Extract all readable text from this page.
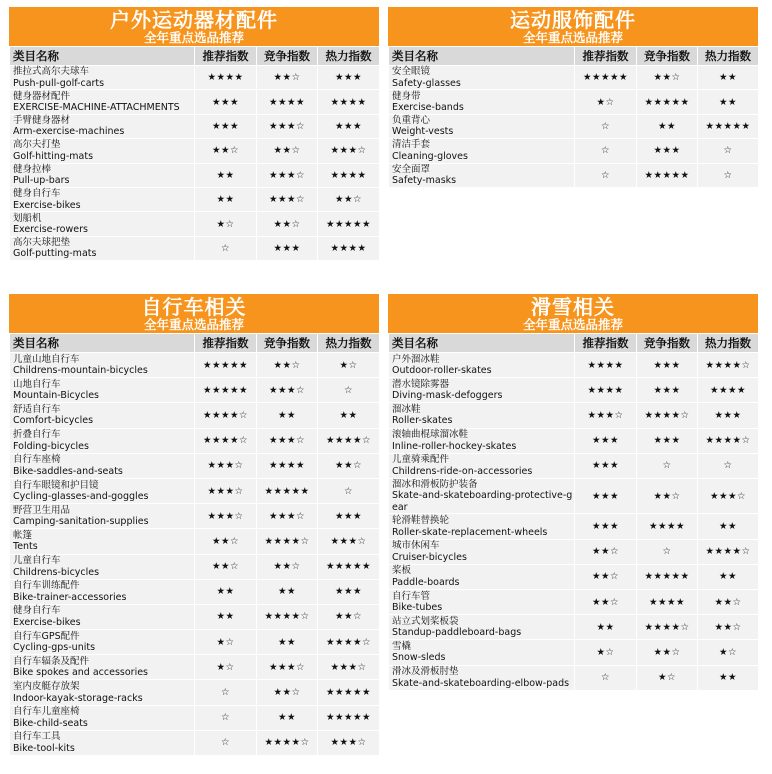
户外运动器材配件
全年重点选品推荐
类目名称	推荐指数	竞争指数	热力指数

推拉式高尔夫球车
Push-pull-golf-carts	★★★★	★★☆	★★★

健身器材配件
EXERCISE-MACHINE-ATTACHMENTS	★★★	★★★★	★★★★

手臂健身器材
Arm-exercise-machines	★★★	★★★☆	★★★

高尔夫打垫
Golf-hitting-mats	★★☆	★★☆	★★★☆

健身拉棒
Pull-up-bars	★★	★★★☆	★★★★

健身自行车
Exercise-bikes	★★	★★★☆	★★☆

划船机
Exercise-rowers	★☆	★★☆	★★★★★

高尔夫球把垫
Golf-putting-mats	☆	★★★	★★★★
运动服饰配件
全年重点选品推荐
类目名称	推荐指数	竞争指数	热力指数

安全眼镜
Safety-glasses	★★★★★	★★☆	★★

健身带
Exercise-bands	★☆	★★★★★	★★

负重背心
Weight-vests	☆	★★	★★★★★

清洁手套
Cleaning-gloves	☆	★★★	☆

安全面罩
Safety-masks	☆	★★★★★	☆
自行车相关
全年重点选品推荐
类目名称	推荐指数	竞争指数	热力指数

儿童山地自行车
Childrens-mountain-bicycles	★★★★★	★★☆	★☆

山地自行车
Mountain-Bicycles	★★★★★	★★★☆	☆

舒适自行车
Comfort-bicycles	★★★★☆	★★	★★

折叠自行车
Folding-bicycles	★★★★☆	★★★☆	★★★★☆

自行车座椅
Bike-saddles-and-seats	★★★☆	★★★★	★★☆

自行车眼镜和护目镜
Cycling-glasses-and-goggles	★★★☆	★★★★★	☆

野营卫生用品
Camping-sanitation-supplies	★★★☆	★★★☆	★★★

帐篷
Tents	★★☆	★★★★☆	★★★☆

儿童自行车
Childrens-bicycles	★★☆	★★☆	★★★★★

自行车训练配件
Bike-trainer-accessories	★★	★★	★★★

健身自行车
Exercise-bikes	★★	★★★★☆	★★☆

自行车GPS配件
Cycling-gps-units	★☆	★★	★★★★☆

自行车辐条及配件
Bike spokes and accessories	★☆	★★★☆	★★★☆

室内皮艇存放架
Indoor-kayak-storage-racks	☆	★★☆	★★★★★

自行车儿童座椅
Bike-child-seats	☆	★★	★★★★★

自行车工具
Bike-tool-kits	☆	★★★★☆	★★★☆
滑雪相关
全年重点选品推荐
类目名称	推荐指数	竞争指数	热力指数

户外溜冰鞋
Outdoor-roller-skates	★★★★	★★★	★★★★☆

潜水镜除雾器
Diving-mask-defoggers	★★★★	★★★	★★★★

溜冰鞋
Roller-skates	★★★☆	★★★★☆	★★★

滚轴曲棍球溜冰鞋
Inline-roller-hockey-skates	★★★	★★★	★★★★☆

儿童骑乘配件
Childrens-ride-on-accessories	★★★	☆	☆

溜冰和滑板防护装备
Skate-and-skateboarding-protective-gear	★★★	★★☆	★★★☆

轮滑鞋替换轮
Roller-skate-replacement-wheels	★★★	★★★★	★★

城市休闲车
Cruiser-bicycles	★★☆	☆	★★★★☆

桨板
Paddle-boards	★★☆	★★★★★	★★

自行车管
Bike-tubes	★★☆	★★★★	★★☆

站立式划桨板袋
Standup-paddleboard-bags	★★	★★★★☆	★★☆

雪橇
Snow-sleds	★☆	★★☆	★☆

滑冰及滑板肘垫
Skate-and-skateboarding-elbow-pads	☆	★☆	★★
